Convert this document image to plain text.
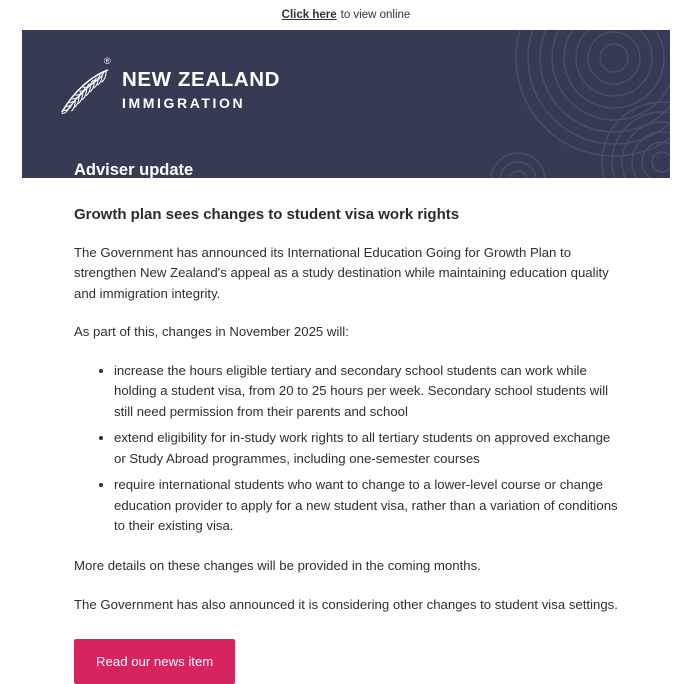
Click here to view online
NEW ZEALAND
IMMIGRATION
®
Adviser update
Growth plan sees changes to student visa work rights

The Government has announced its International Education Going for Growth Plan to strengthen New Zealand's appeal as a study destination while maintaining education quality and immigration integrity.

As part of this, changes in November 2025 will:

• increase the hours eligible tertiary and secondary school students can work while holding a student visa, from 20 to 25 hours per week. Secondary school students will still need permission from their parents and school
• extend eligibility for in-study work rights to all tertiary students on approved exchange or Study Abroad programmes, including one-semester courses
• require international students who want to change to a lower-level course or change education provider to apply for a new student visa, rather than a variation of conditions to their existing visa.

More details on these changes will be provided in the coming months.

The Government has also announced it is considering other changes to student visa settings.

Read our news item
